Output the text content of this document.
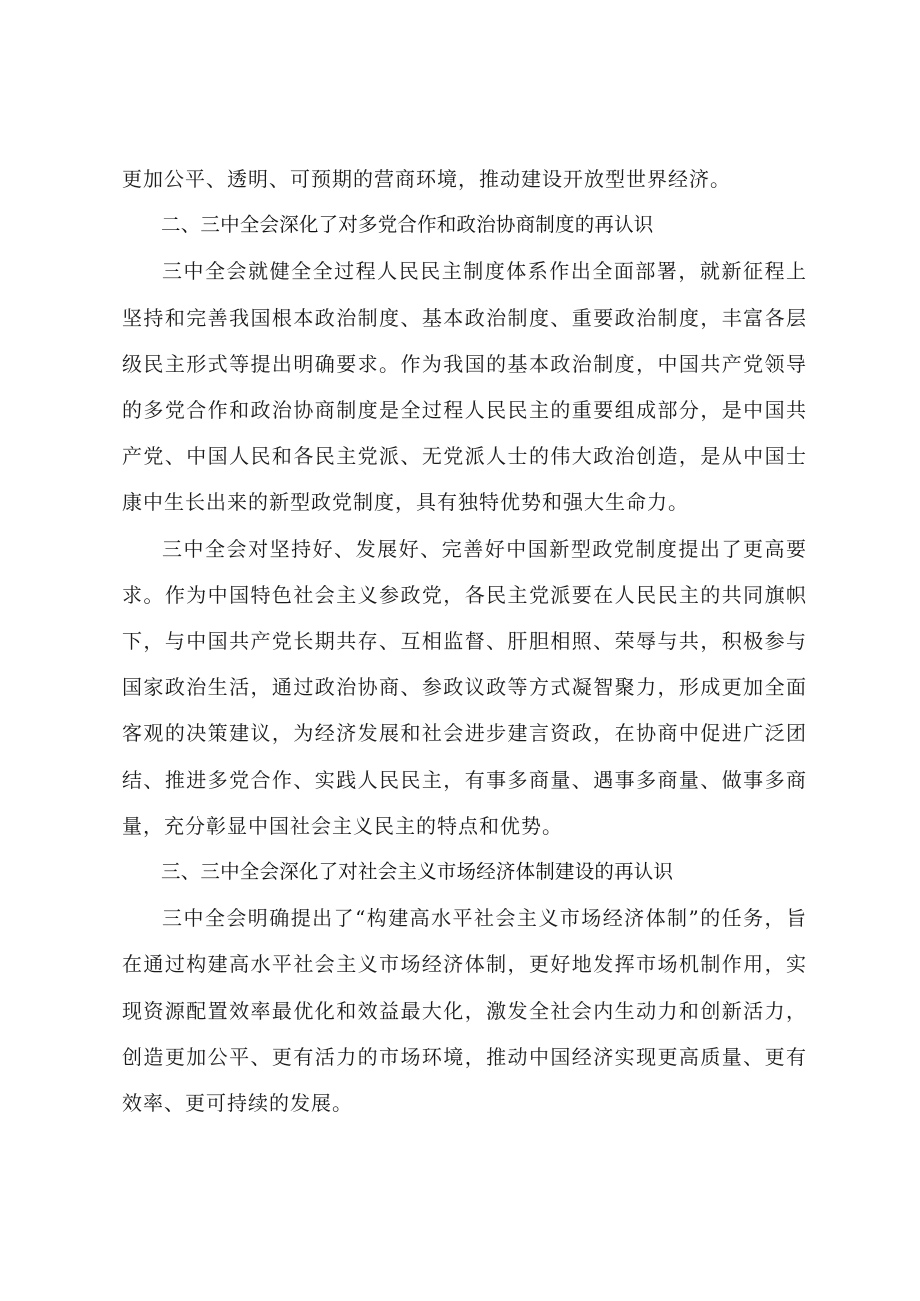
更加公平、透明、可预期的营商环境，推动建设开放型世界经济。

二、三中全会深化了对多党合作和政治协商制度的再认识

三中全会就健全全过程人民民主制度体系作出全面部署，就新征程上坚持和完善我国根本政治制度、基本政治制度、重要政治制度，丰富各层级民主形式等提出明确要求。作为我国的基本政治制度，中国共产党领导的多党合作和政治协商制度是全过程人民民主的重要组成部分，是中国共产党、中国人民和各民主党派、无党派人士的伟大政治创造，是从中国士康中生长出来的新型政党制度，具有独特优势和强大生命力。

三中全会对坚持好、发展好、完善好中国新型政党制度提出了更高要求。作为中国特色社会主义参政党，各民主党派要在人民民主的共同旗帜下，与中国共产党长期共存、互相监督、肝胆相照、荣辱与共，积极参与国家政治生活，通过政治协商、参政议政等方式凝智聚力，形成更加全面客观的决策建议，为经济发展和社会进步建言资政，在协商中促进广泛团结、推进多党合作、实践人民民主，有事多商量、遇事多商量、做事多商量，充分彰显中国社会主义民主的特点和优势。

三、三中全会深化了对社会主义市场经济体制建设的再认识

三中全会明确提出了“构建高水平社会主义市场经济体制”的任务，旨在通过构建高水平社会主义市场经济体制，更好地发挥市场机制作用，实现资源配置效率最优化和效益最大化，激发全社会内生动力和创新活力，创造更加公平、更有活力的市场环境，推动中国经济实现更高质量、更有效率、更可持续的发展。
